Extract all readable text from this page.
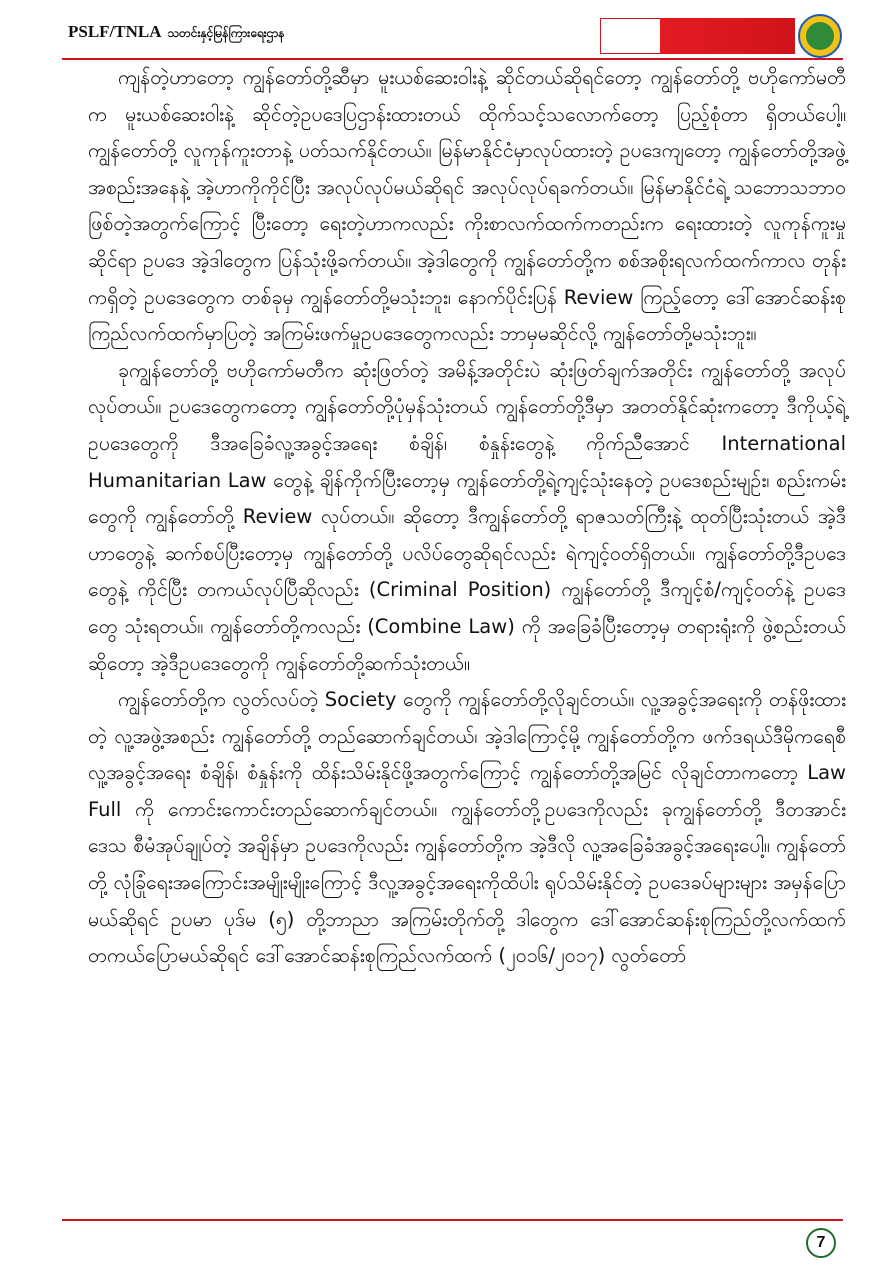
PSLF/TNLA သတင်းနှင့်မြန်ကြားရေးဌာန

ကျန်တဲ့ဟာတော့ ကျွန်တော်တို့ဆီမှာ မူးယစ်ဆေးဝါးနဲ့ ဆိုင်တယ်ဆိုရင်တော့ ကျွန်တော်တို့ ဗဟိုကော်မတီက မူးယစ်ဆေးဝါးနဲ့ ဆိုင်တဲ့ဥပဒေပြဌာန်းထားတယ် ထိုက်သင့်သလောက်တော့ ပြည့်စုံတာ ရှိတယ်ပေါ့။ ကျွန်တော်တို့ လူကုန်ကူးတာနဲ့ ပတ်သက်နိုင်တယ်။ မြန်မာနိုင်ငံမှာလုပ်ထားတဲ့ ဥပဒေကျတော့ ကျွန်တော်တို့အဖွဲ့အစည်းအနေနဲ့ အဲ့ဟာကိုကိုင်ပြီး အလုပ်လုပ်မယ်ဆိုရင် အလုပ်လုပ်ရခက်တယ်။ မြန်မာနိုင်ငံရဲ့ သဘောသဘာဝဖြစ်တဲ့အတွက်ကြောင့် ပြီးတော့ ရေးတဲ့ဟာကလည်း ကိုးစာလက်ထက်ကတည်းက ရေးထားတဲ့ လူကုန်ကူးမှုဆိုင်ရာ ဥပဒေ အဲ့ဒါတွေက ပြန်သုံးဖို့ခက်တယ်။ အဲ့ဒါတွေကို ကျွန်တော်တို့က စစ်အစိုးရလက်ထက်ကာလ တုန်းကရှိတဲ့ ဥပဒေတွေက တစ်ခုမှ ကျွန်တော်တို့မသုံးဘူး၊ နောက်ပိုင်းပြန် Review ကြည့်တော့ ဒေါ်အောင်ဆန်းစုကြည်လက်ထက်မှာပြတဲ့ အကြမ်းဖက်မှုဥပဒေတွေကလည်း ဘာမှမဆိုင်လို့ ကျွန်တော်တို့မသုံးဘူး။

ခုကျွန်တော်တို့ ဗဟိုကော်မတီက ဆုံးဖြတ်တဲ့ အမိန့်အတိုင်းပဲ ဆုံးဖြတ်ချက်အတိုင်း ကျွန်တော်တို့ အလုပ်လုပ်တယ်။ ဥပဒေတွေကတော့ ကျွန်တော်တို့ပုံမှန်သုံးတယ် ကျွန်တော်တို့ဒီမှာ အတတ်နိုင်ဆုံးကတော့ ဒီကိုယ့်ရဲ့ဥပဒေတွေကို ဒီအခြေခံလူ့အခွင့်အရေး စံချိန်၊ စံနှုန်းတွေနဲ့ ကိုက်ညီအောင် International Humanitarian Law တွေနဲ့ ချိန်ကိုက်ပြီးတော့မှ ကျွန်တော်တို့ရဲ့ကျင့်သုံးနေတဲ့ ဥပဒေစည်းမျဉ်း၊ စည်းကမ်းတွေကို ကျွန်တော်တို့ Review လုပ်တယ်။ ဆိုတော့ ဒီကျွန်တော်တို့ ရာဇသတ်ကြီးနဲ့ ထုတ်ပြီးသုံးတယ် အဲ့ဒီဟာတွေနဲ့ ဆက်စပ်ပြီးတော့မှ ကျွန်တော်တို့ ပလိပ်တွေဆိုရင်လည်း ရဲကျင့်ဝတ်ရှိတယ်။ ကျွန်တော်တို့ဒီဥပဒေတွေနဲ့ ကိုင်ပြီး တကယ်လုပ်ပြီဆိုလည်း (Criminal Position) ကျွန်တော်တို့ ဒီကျင့်စံ/ကျင့်ဝတ်နဲ့ ဥပဒေတွေ သုံးရတယ်။ ကျွန်တော်တို့ကလည်း (Combine Law) ကို အခြေခံပြီးတော့မှ တရားရုံးကို ဖွဲ့စည်းတယ်ဆိုတော့ အဲ့ဒီဥပဒေတွေကို ကျွန်တော်တို့ဆက်သုံးတယ်။

ကျွန်တော်တို့က လွတ်လပ်တဲ့ Society တွေကို ကျွန်တော်တို့လိုချင်တယ်။ လူ့အခွင့်အရေးကို တန်ဖိုးထားတဲ့ လူ့အဖွဲ့အစည်း ကျွန်တော်တို့ တည်ဆောက်ချင်တယ်၊ အဲ့ဒါကြောင့်မို့ ကျွန်တော်တို့က ဖက်ဒရယ်ဒီမိုကရေစီ လူ့အခွင့်အရေး စံချိန်၊ စံနှုန်းကို ထိန်းသိမ်းနိုင်ဖို့အတွက်ကြောင့် ကျွန်တော်တို့အမြင် လိုချင်တာကတော့ Law Full ကို ကောင်းကောင်းတည်ဆောက်ချင်တယ်။ ကျွန်တော်တို့ဥပဒေကိုလည်း ခုကျွန်တော်တို့ ဒီတအာင်းဒေသ စီမံအုပ်ချုပ်တဲ့ အချိန်မှာ ဥပဒေကိုလည်း ကျွန်တော်တို့က အဲ့ဒီလို လူ့အခြေခံအခွင့်အရေးပေါ့။ ကျွန်တော်တို့ လုံခြုံရေးအကြောင်းအမျိုးမျိုးကြောင့် ဒီလူ့အခွင့်အရေးကိုထိပါး ရုပ်သိမ်းနိုင်တဲ့ ဥပဒေခပ်များများ အမှန်ပြောမယ်ဆိုရင် ဥပမာ ပုဒ်မ (၅) တို့ဘာညာ အကြမ်းတိုက်တို့ ဒါတွေက ဒေါ်အောင်ဆန်းစုကြည်တို့လက်ထက် တကယ်ပြောမယ်ဆိုရင် ဒေါ်အောင်ဆန်းစုကြည်လက်ထက် (၂၀၁၆/၂၀၁၇) လွတ်တော်

7
